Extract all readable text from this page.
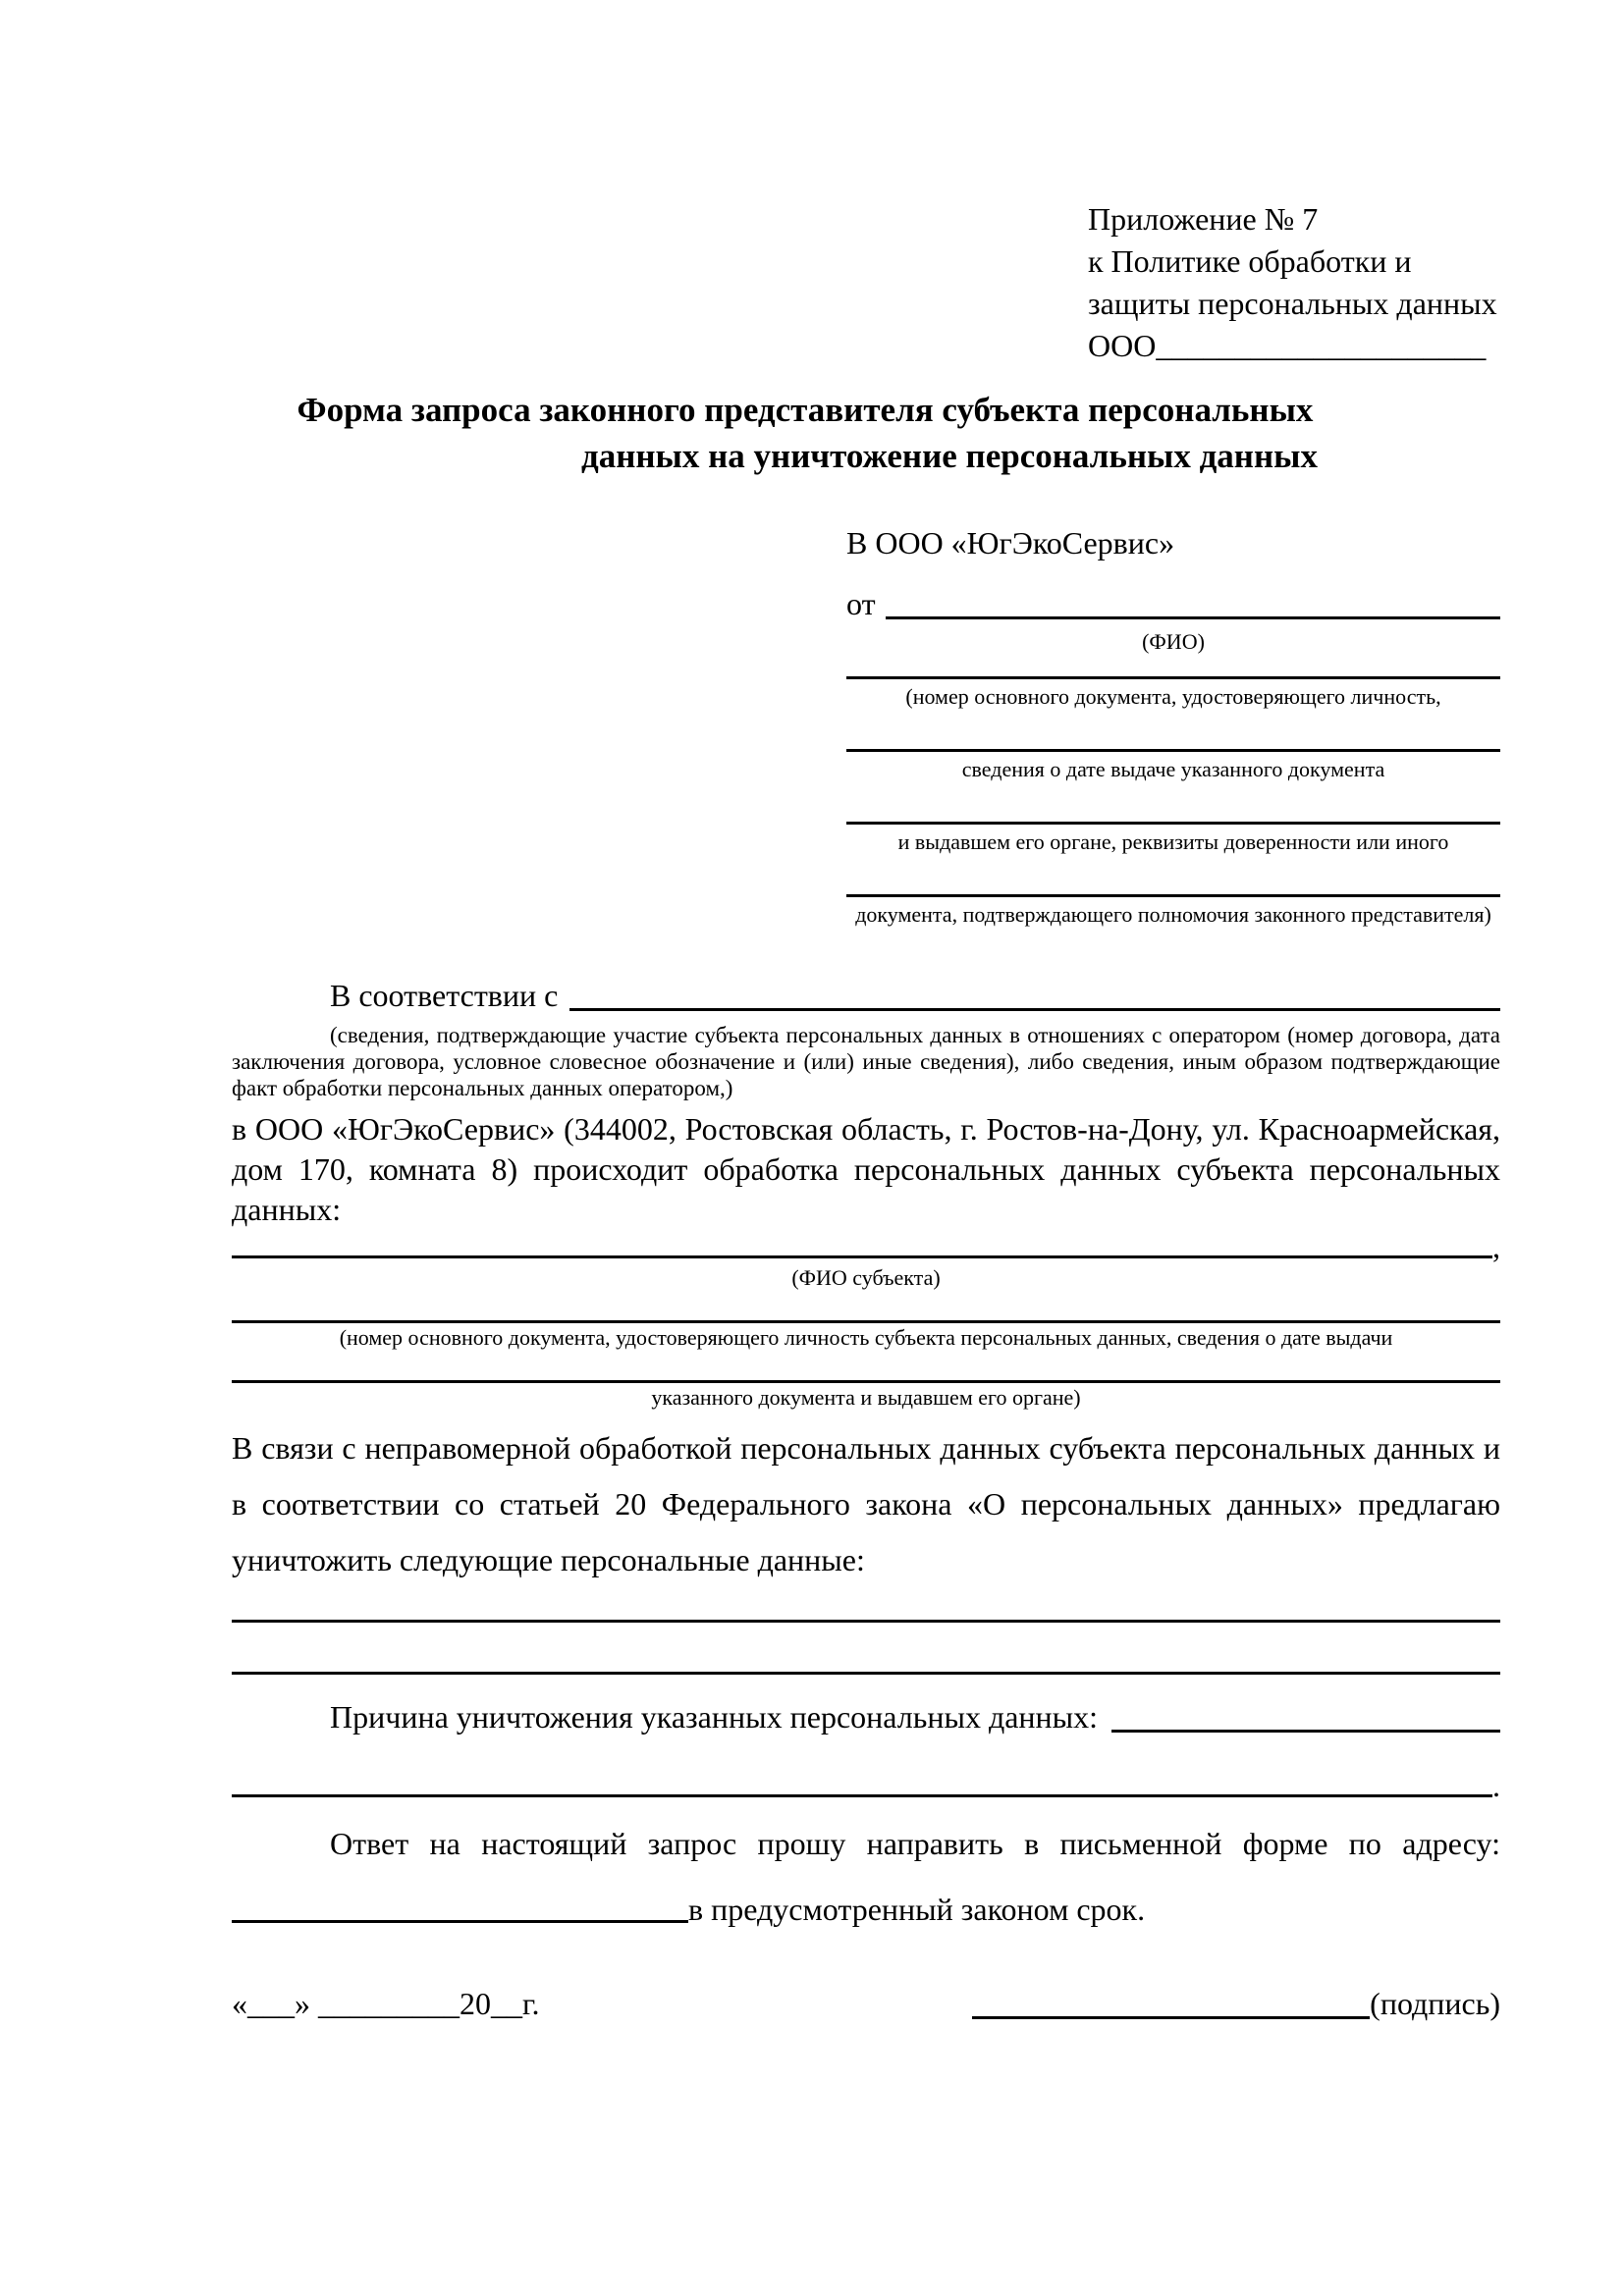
Приложение № 7
к Политике обработки и
защиты персональных данных
ООО_____________________
Форма запроса законного представителя субъекта персональных
данных на уничтожение персональных данных
В ООО «ЮгЭкоСервис»
от
(ФИО)
(номер основного документа, удостоверяющего личность,
сведения о дате выдаче указанного документа
и выдавшем его органе, реквизиты доверенности или иного
документа, подтверждающего полномочия законного представителя)
В соответствии с
(сведения, подтверждающие участие субъекта персональных данных в отношениях с оператором (номер договора, дата заключения договора, условное словесное обозначение и (или) иные сведения), либо сведения, иным образом подтверждающие факт обработки персональных данных оператором,)
в ООО «ЮгЭкоСервис» (344002, Ростовская область, г. Ростов-на-Дону, ул. Красноармейская, дом 170, комната 8) происходит обработка персональных данных субъекта персональных данных:
,
(ФИО субъекта)
(номер основного документа, удостоверяющего личность субъекта персональных данных, сведения о дате выдачи
указанного документа и выдавшем его органе)
В связи с неправомерной обработкой персональных данных субъекта персональных данных и в соответствии со статьей 20 Федерального закона «О персональных данных» предлагаю уничтожить следующие персональные данные:
Причина уничтожения указанных персональных данных:
.
Ответ на настоящий запрос прошу направить в письменной форме по адресу:
в предусмотренный законом срок.
«___» _________20__г.	(подпись)
